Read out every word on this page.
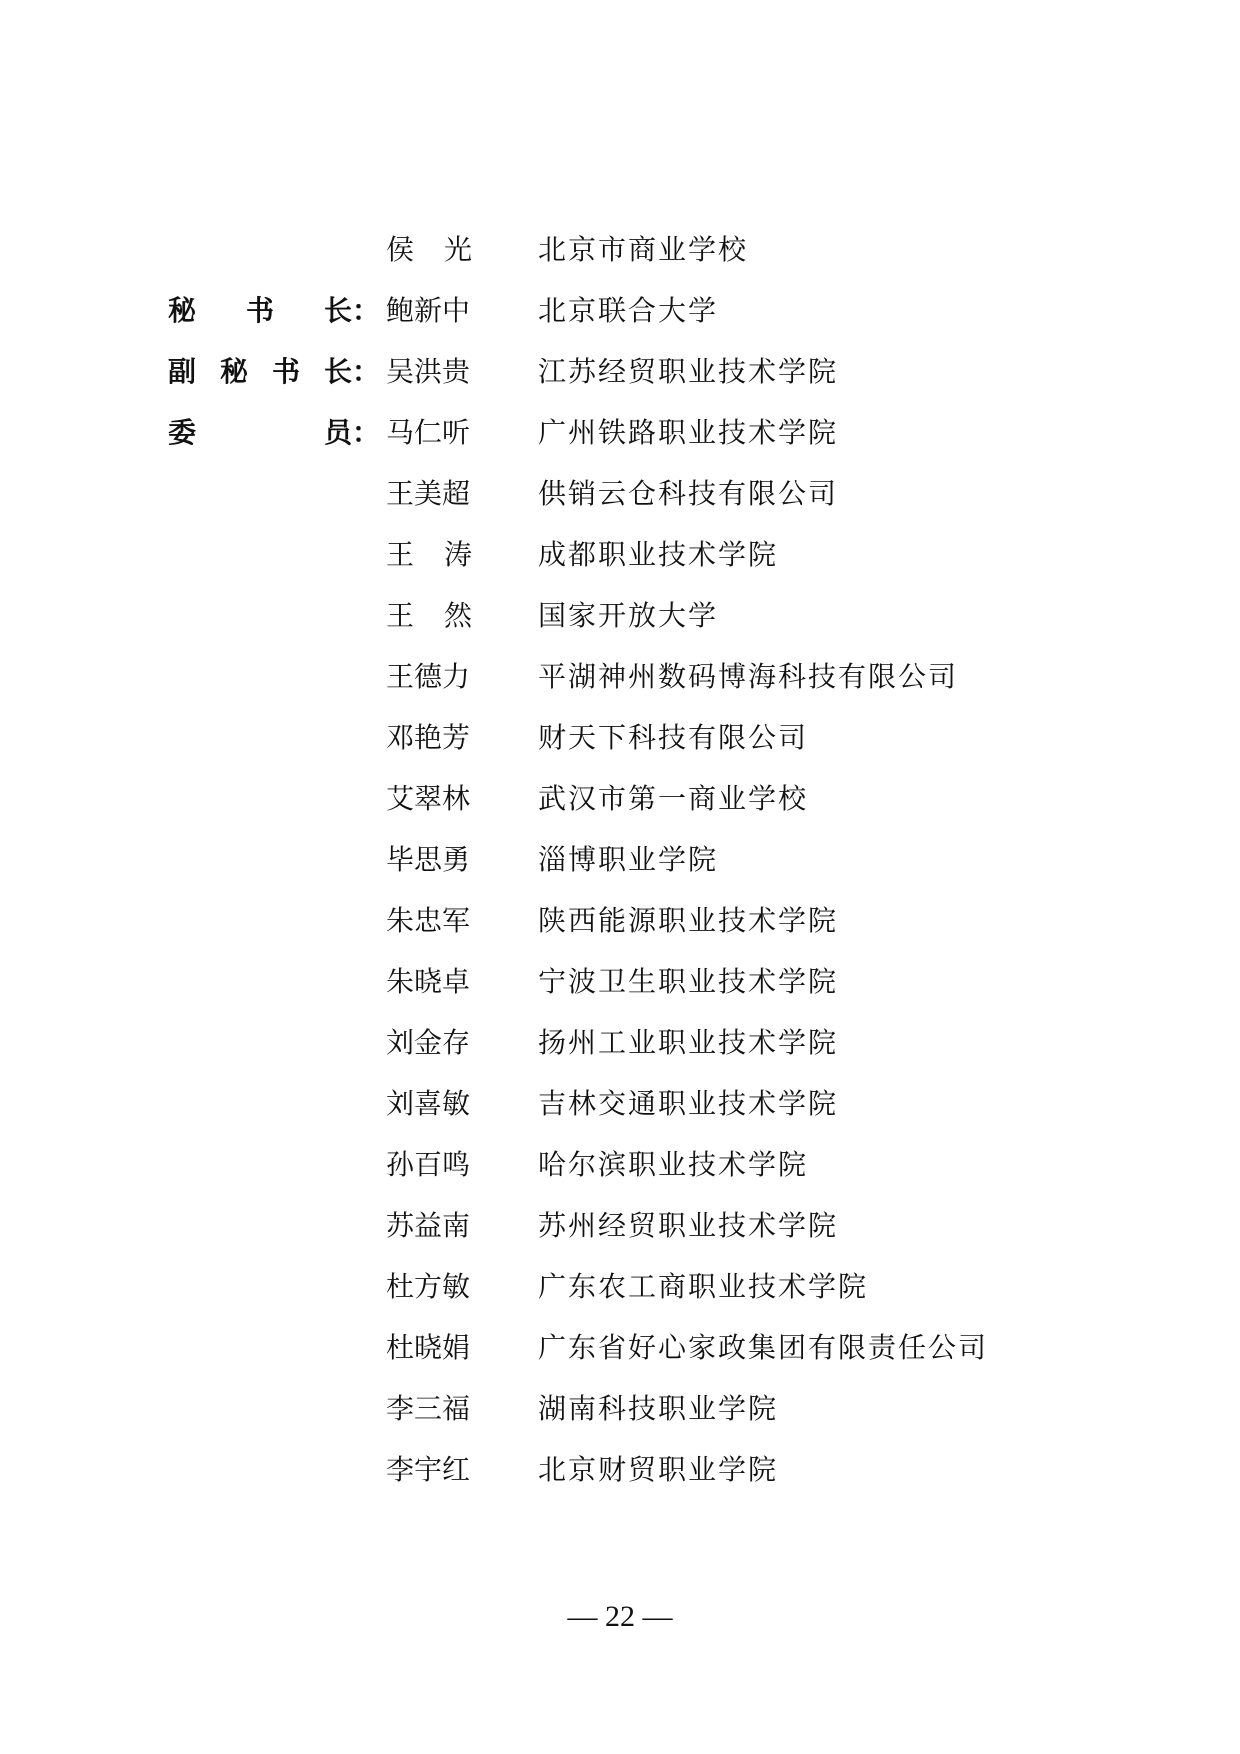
侯 光 北京市商业学校
秘 书 长： 鲍新中	北京联合大学
副 秘 书 长： 吴洪贵	江苏经贸职业技术学院
委	员： 马仁听	广州铁路职业技术学院
王美超	供销云仓科技有限公司
王 涛 成都职业技术学院
王 然 国家开放大学
王德力	平湖神州数码博海科技有限公司
邓艳芳	财天下科技有限公司
艾翠林	武汉市第一商业学校
毕思勇	淄博职业学院
朱忠军	陕西能源职业技术学院
朱晓卓	宁波卫生职业技术学院
刘金存	扬州工业职业技术学院
刘喜敏	吉林交通职业技术学院
孙百鸣	哈尔滨职业技术学院
苏益南	苏州经贸职业技术学院
杜方敏	广东农工商职业技术学院
杜晓娟	广东省好心家政集团有限责任公司
李三福	湖南科技职业学院
李宇红	北京财贸职业学院
— 22 —
